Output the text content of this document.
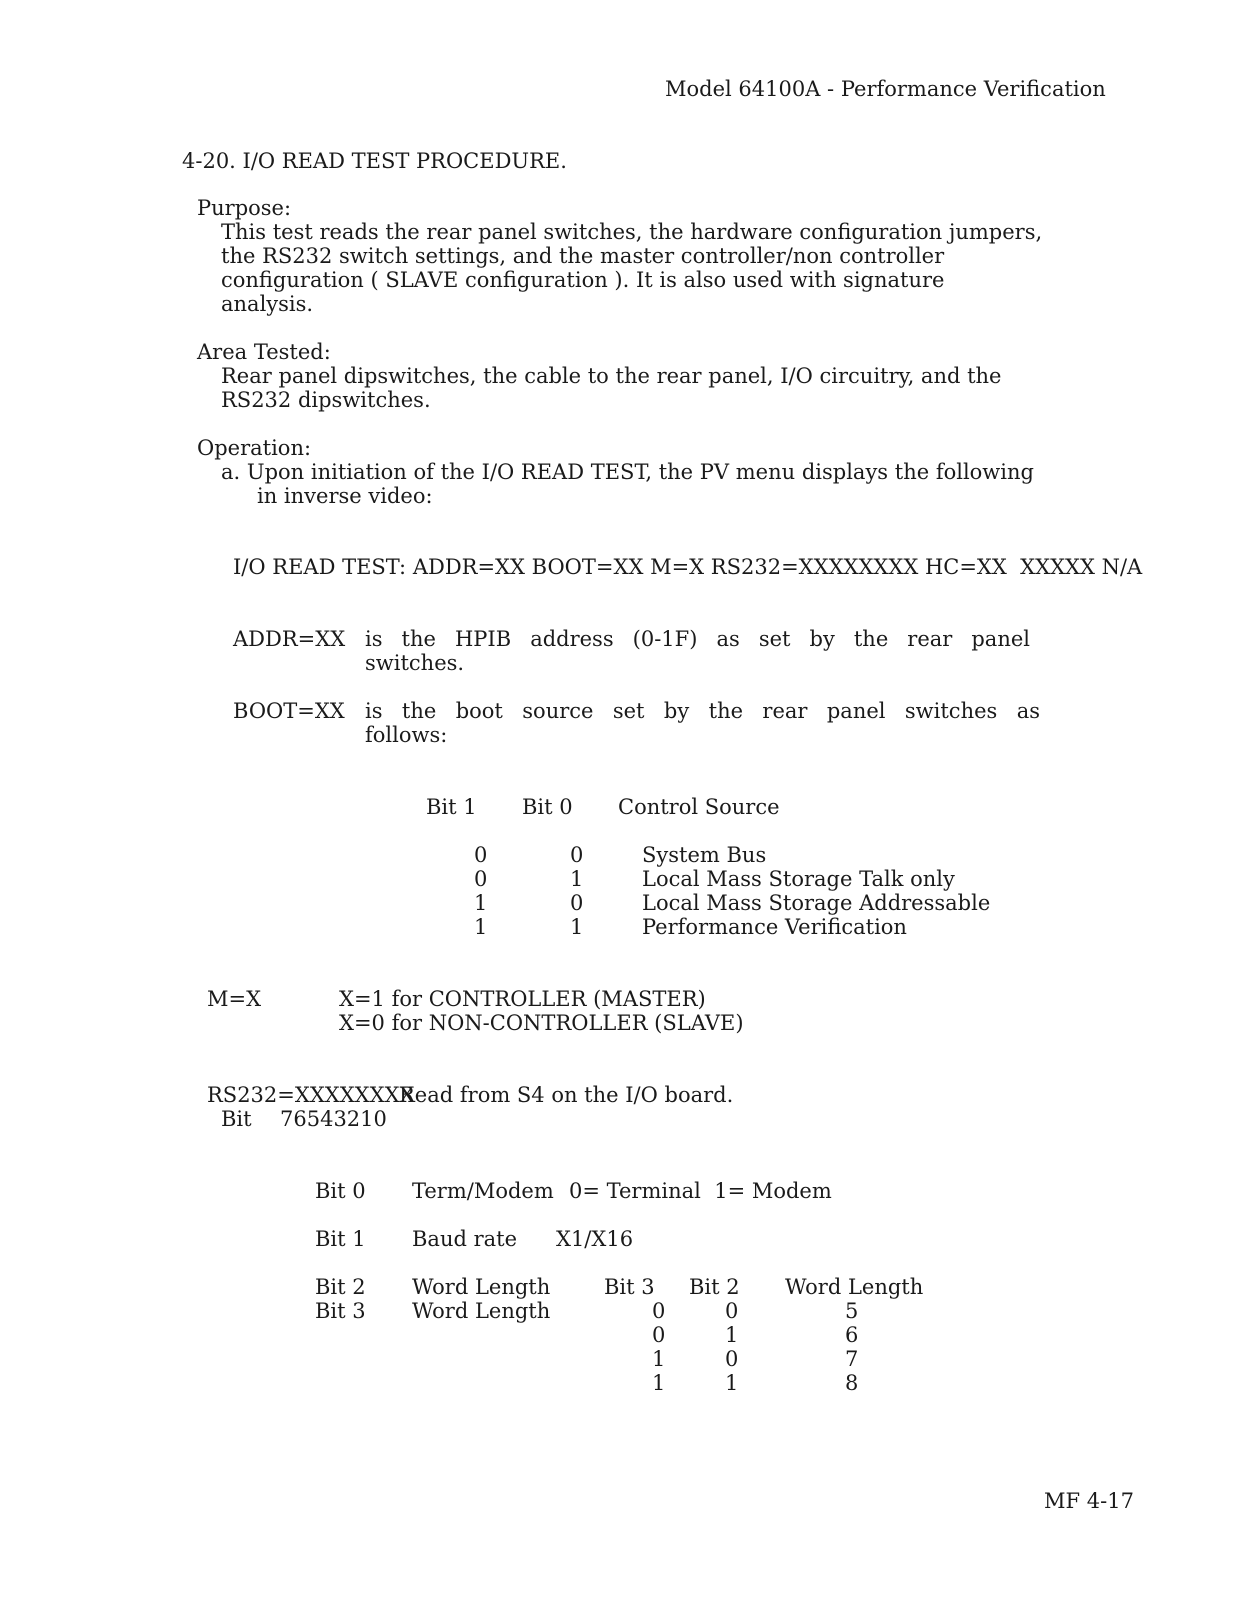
Model 64100A - Performance Verification
4-20. I/O READ TEST PROCEDURE.
Purpose:
This test reads the rear panel switches, the hardware configuration jumpers,
the RS232 switch settings, and the master controller/non controller
configuration ( SLAVE configuration ). It is also used with signature
analysis.
Area Tested:
Rear panel dipswitches, the cable to the rear panel, I/O circuitry, and the
RS232 dipswitches.
Operation:
a. Upon initiation of the I/O READ TEST, the PV menu displays the following
in inverse video:
I/O READ TEST: ADDR=XX BOOT=XX M=X RS232=XXXXXXXX HC=XX  XXXXX N/A
ADDR=XX is the HPIB address (0-1F) as set by the rear panel
switches.
BOOT=XX is the boot source set by the rear panel switches as
follows:
Bit 1 Bit 0 Control Source
0	0	System Bus
0	1	Local Mass Storage Talk only
1	0	Local Mass Storage Addressable
1	1	Performance Verification
M=X	X=1 for CONTROLLER (MASTER)
X=0 for NON-CONTROLLER (SLAVE)
RS232=XXXXXXXX
Read from S4 on the I/O board.
Bit 76543210
Bit 0 Term/Modem 0= Terminal  1= Modem
Bit 1 Baud rate X1/X16
Bit 2 Word Length
Bit 3 Word Length
Bit 3 Bit 2 Word Length
0	0	5
0	1	6
1	0	7
1	1	8
MF 4-17
